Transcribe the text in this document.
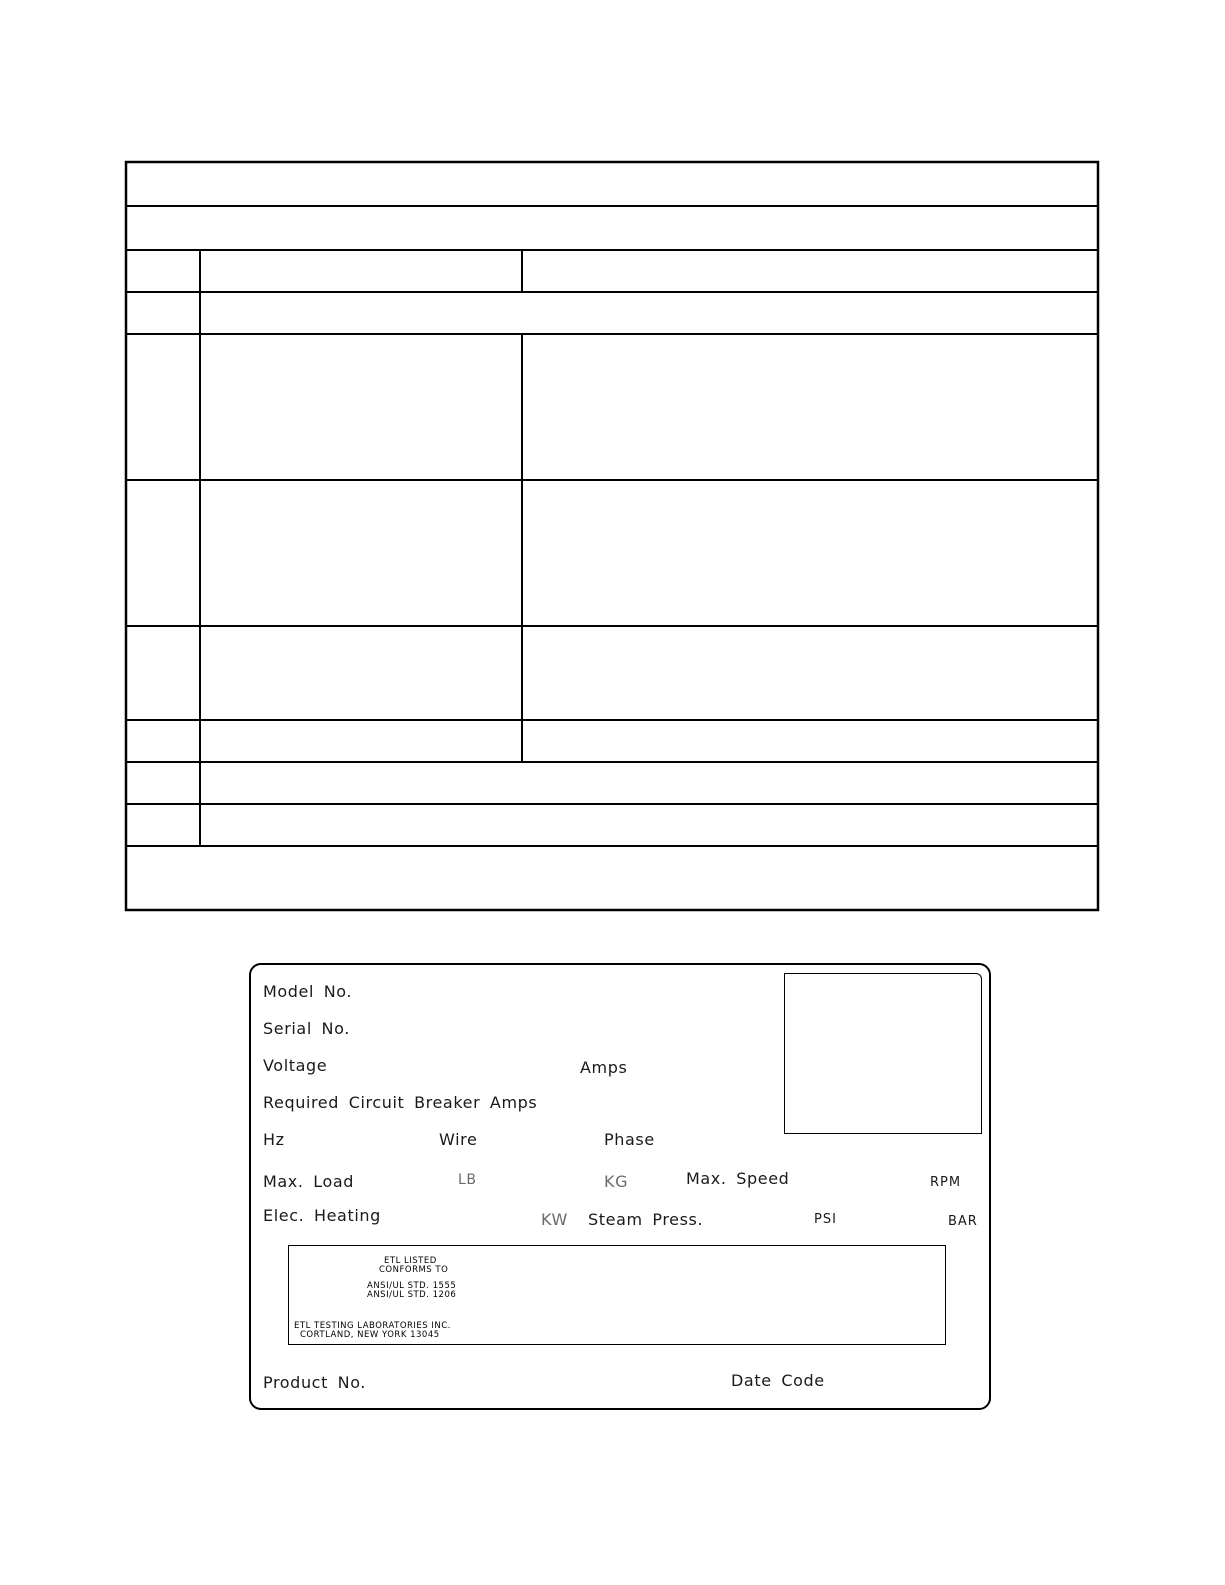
Model No.
Serial No.
Voltage	Amps
Required Circuit Breaker Amps
Hz	Wire	Phase
Max. Load	LB	KG	Max. Speed	RPM
Elec. Heating	KW Steam Press.	PSI	BAR
ETL LISTED
CONFORMS TO
ANSI/UL STD. 1555
ANSI/UL STD. 1206
ETL TESTING LABORATORIES INC.
CORTLAND, NEW YORK 13045
Product No.	Date Code
